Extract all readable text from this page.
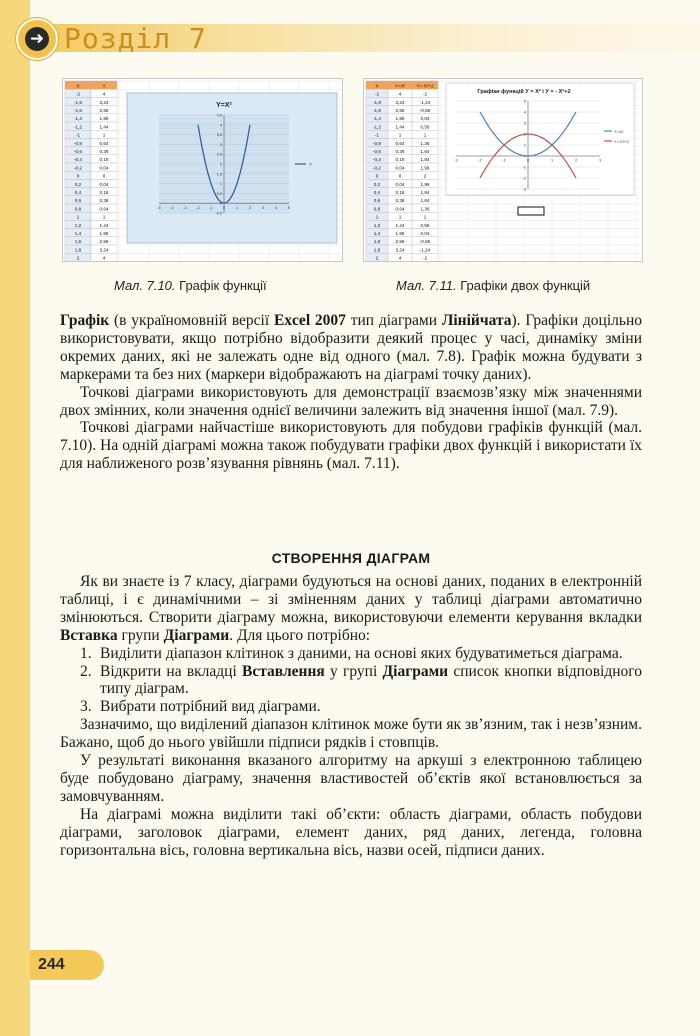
➜ Розділ 7
X	Y
-2	4
-1,8	3,24
-1,6	2,56
-1,4	1,96
-1,2	1,44
-1	1
-0,8	0,64
-0,6	0,36
-0,4	0,16
-0,2	0,04
0	0
0,2	0,04
0,4	0,16
0,6	0,36
0,8	0,64
1	1
1,2	1,44
1,4	1,96
1,6	2,56
1,8	3,24
2	4
Y=X²
-0.5
0
0.5
1
1.5
2
2.5
3
3.5
4
4.5
-5	-4	-3	-2	-1	0	1	2	3	4	5
Y
Мал. 7.10. Графік функції
X	Y=X² Y=-X²+2
-2	4	-2
-1,8	3,24	-1,24
-1,6	2,56	-0,56
-1,4	1,96	0,04
-1,2	1,44	0,56
-1	1	1
-0,8	0,64	1,36
-0,6	0,36	1,64
-0,4	0,16	1,84
-0,2	0,04	1,96
0	0	2
0,2	0,04	1,96
0,4	0,16	1,84
0,6	0,36	1,64
0,8	0,64	1,36
1	1	1
1,2	1,44	0,56
1,4	1,96	0,04
1,6	2,56	-0,56
1,8	3,24	-1,24
2	4	-2
Графіки функцій У = X² і У = - X²+2
-3
-2
-1
0
1
2
3
4
5
-3	-2	-1	0	1	2	3
Y=X2
Y=-X2+2
Мал. 7.11. Графіки двох функцій

Графік (в україномовній версії Excel 2007 тип діаграми Лінійчата). Графіки доцільно використовувати, якщо потрібно відобразити деякий процес у часі, динаміку зміни окремих даних, які не залежать одне від одного (мал. 7.8). Графік можна будувати з маркерами та без них (маркери відображають на діаграмі точку даних).

Точкові діаграми використовують для демонстрації взаємозв’язку між значеннями двох змінних, коли значення однієї величини залежить від значення іншої (мал. 7.9).

Точкові діаграми найчастіше використовують для побудови графіків функцій (мал. 7.10). На одній діаграмі можна також побудувати графіки двох функцій і використати їх для наближеного розв’язування рівнянь (мал. 7.11).

СТВОРЕННЯ ДІАГРАМ

Як ви знаєте із 7 класу, діаграми будуються на основі даних, поданих в електронній таблиці, і є динамічними – зі зміненням даних у таблиці діаграми автоматично змінюються. Створити діаграму можна, використовуючи елементи керування вкладки Вставка групи Діаграми. Для цього потрібно:

1. Виділити діапазон клітинок з даними, на основі яких будуватиметься діаграма.
2. Відкрити на вкладці Вставлення у групі Діаграми список кнопки відповідного типу діаграм.
3. Вибрати потрібний вид діаграми.

Зазначимо, що виділений діапазон клітинок може бути як зв’язним, так і незв’язним. Бажано, щоб до нього увійшли підписи рядків і стовпців.

У результаті виконання вказаного алгоритму на аркуші з електронною таблицею буде побудовано діаграму, значення властивостей об’єктів якої встановлюється за замовчуванням.

На діаграмі можна виділити такі об’єкти: область діаграми, область побудови діаграми, заголовок діаграми, елемент даних, ряд даних, легенда, головна горизонтальна вісь, головна вертикальна вісь, назви осей, підписи даних.

244
